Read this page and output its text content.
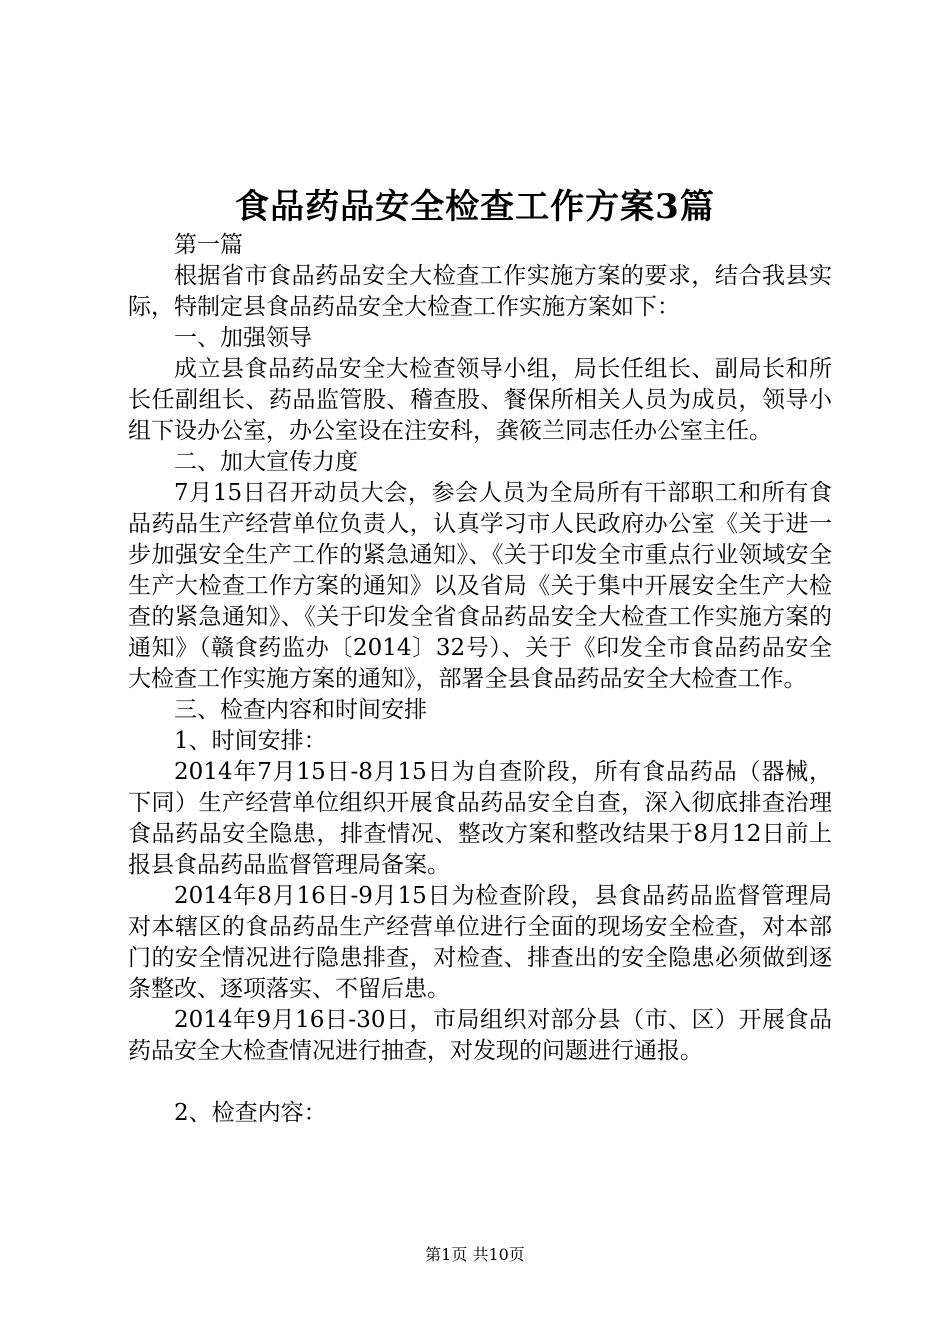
食品药品安全检查工作方案3篇

第一篇

根据省市食品药品安全大检查工作实施方案的要求，结合我县实际，特制定县食品药品安全大检查工作实施方案如下：

一、加强领导

成立县食品药品安全大检查领导小组，局长任组长、副局长和所长任副组长、药品监管股、稽查股、餐保所相关人员为成员，领导小组下设办公室，办公室设在注安科，龚筱兰同志任办公室主任。

二、加大宣传力度

7月15日召开动员大会，参会人员为全局所有干部职工和所有食品药品生产经营单位负责人，认真学习市人民政府办公室《关于进一步加强安全生产工作的紧急通知》、《关于印发全市重点行业领域安全生产大检查工作方案的通知》以及省局《关于集中开展安全生产大检查的紧急通知》、《关于印发全省食品药品安全大检查工作实施方案的通知》（赣食药监办〔2014〕32号）、关于《印发全市食品药品安全大检查工作实施方案的通知》，部署全县食品药品安全大检查工作。

三、检查内容和时间安排

1、时间安排：

2014年7月15日-8月15日为自查阶段，所有食品药品（器械，下同）生产经营单位组织开展食品药品安全自查，深入彻底排查治理食品药品安全隐患，排查情况、整改方案和整改结果于8月12日前上报县食品药品监督管理局备案。

2014年8月16日-9月15日为检查阶段，县食品药品监督管理局对本辖区的食品药品生产经营单位进行全面的现场安全检查，对本部门的安全情况进行隐患排查，对检查、排查出的安全隐患必须做到逐条整改、逐项落实、不留后患。

2014年9月16日-30日，市局组织对部分县（市、区）开展食品药品安全大检查情况进行抽查，对发现的问题进行通报。

2、检查内容：

第1页 共10页
